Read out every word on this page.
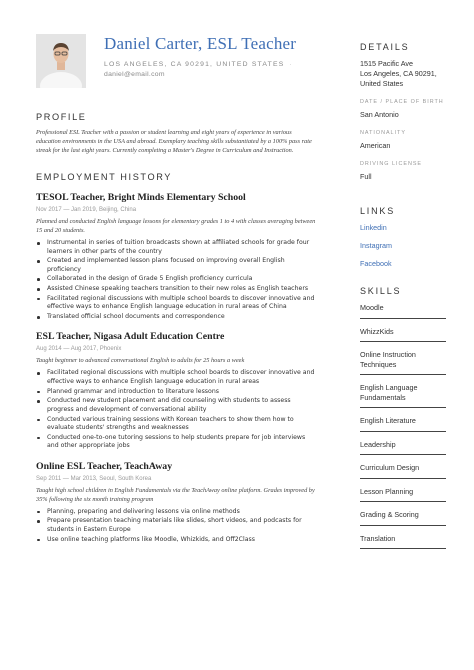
Daniel Carter, ESL Teacher
LOS ANGELES, CA 90291, UNITED STATES · daniel@email.com
PROFILE

Professional ESL Teacher with a passion or student learning and eight years of experience in various education environments in the USA and abroad. Exemplary teaching skills substantiated by a 100% pass rate streak for the last eight years. Currently completing a Master's Degree in Curriculum and Instruction.

EMPLOYMENT HISTORY
TESOL Teacher, Bright Minds Elementary School
Nov 2017 — Jan 2019, Beijing, China

Planned and conducted English language lessons for elementary grades 1 to 4 with classes averaging between 15 and 20 students.

Instrumental in series of tuition broadcasts shown at affiliated schools for grade four learners in other parts of the country
Created and implemented lesson plans focused on improving overall English proficiency
Collaborated in the design of Grade 5 English proficiency curricula
Assisted Chinese speaking teachers transition to their new roles as English teachers
Facilitated regional discussions with multiple school boards to discover innovative and effective ways to enhance English language education in rural areas of China
Translated official school documents and correspondence
ESL Teacher, Nigasa Adult Education Centre
Aug 2014 — Aug 2017, Phoenix

Taught beginner to advanced conversational English to adults for 25 hours a week

Facilitated regional discussions with multiple school boards to discover innovative and effective ways to enhance English language education in rural areas
Planned grammar and introduction to literature lessons
Conducted new student placement and did counseling with students to assess progress and development of conversational ability
Conducted various training sessions with Korean teachers to show them how to evaluate students' strengths and weaknesses
Conducted one-to-one tutoring sessions to help students prepare for job interviews and other appropriate jobs
Online ESL Teacher, TeachAway
Sep 2011 — Mar 2013, Seoul, South Korea

Taught high school children in English Fundamentals via the TeachAway online platform. Grades improved by 35% following the six month training program

Planning, preparing and delivering lessons via online methods
Prepare presentation teaching materials like slides, short videos, and podcasts for students in Eastern Europe
Use online teaching platforms like Moodle, Whizkids, and Off2Class
DETAILS

1515 Pacific Ave

Los Angeles, CA 90291,

United States

DATE / PLACE OF BIRTH

San Antonio

NATIONALITY

American

DRIVING LICENSE

Full

LINKS
Linkedin
Instagram
Facebook
SKILLS
Moodle
WhizzKids
Online Instruction Techniques
English Language Fundamentals
English Literature
Leadership
Curriculum Design
Lesson Planning
Grading & Scoring
Translation
